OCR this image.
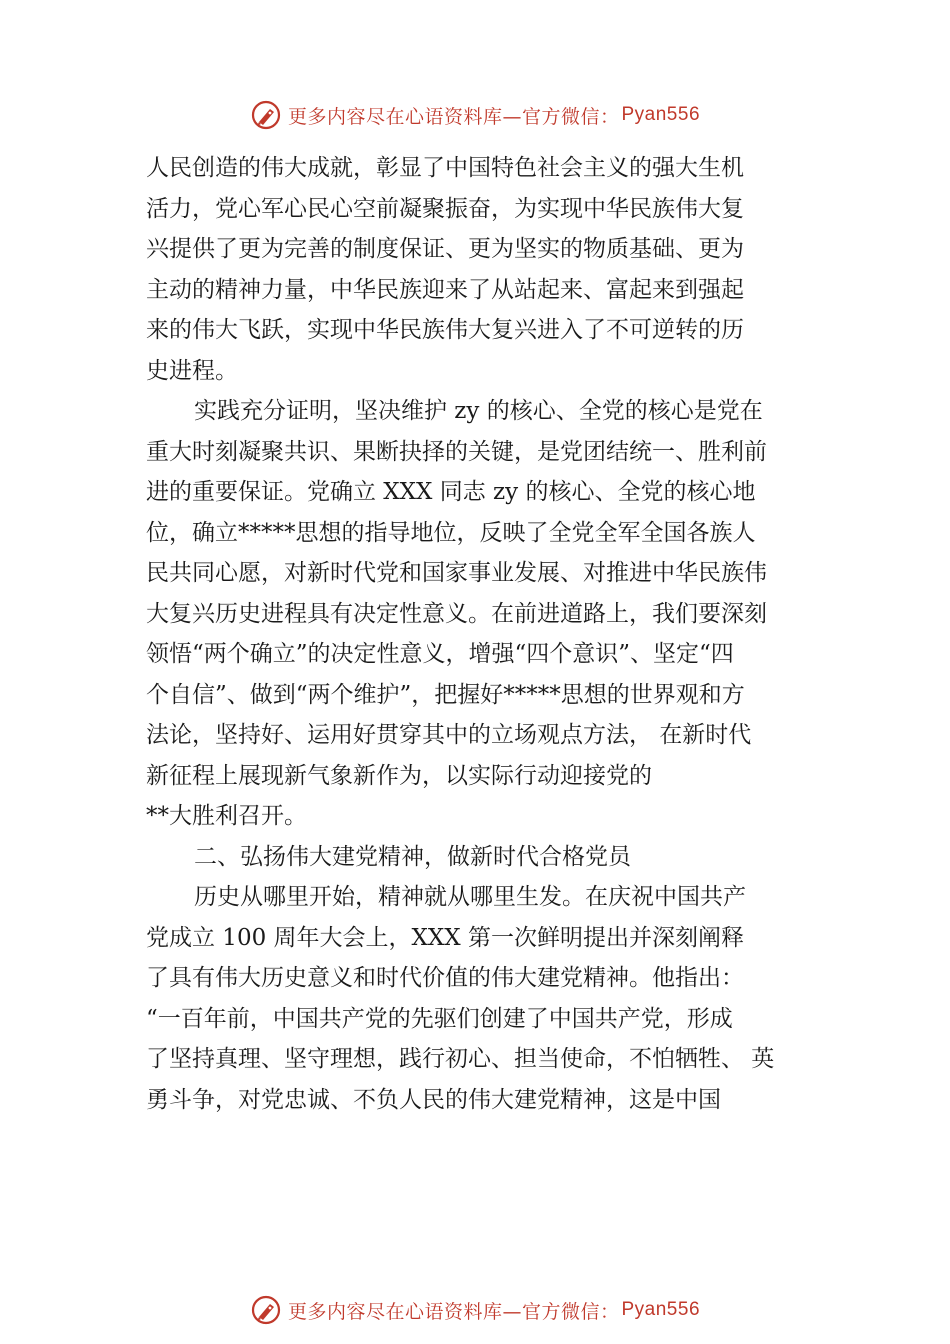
更多内容尽在心语资料库—官方微信： Pyan556
人民创造的伟大成就，彰显了中国特色社会主义的强大生机
活力，党心军心民心空前凝聚振奋，为实现中华民族伟大复
兴提供了更为完善的制度保证、更为坚实的物质基础、更为
主动的精神力量，中华民族迎来了从站起来、富起来到强起
来的伟大飞跃，实现中华民族伟大复兴进入了不可逆转的历
史进程。
实践充分证明，坚决维护 zy 的核心、全党的核心是党在
重大时刻凝聚共识、果断抉择的关键，是党团结统一、胜利前
进的重要保证。党确立 XXX 同志 zy 的核心、全党的核心地
位，确立*****思想的指导地位，反映了全党全军全国各族人
民共同心愿，对新时代党和国家事业发展、对推进中华民族伟
大复兴历史进程具有决定性意义。在前进道路上，我们要深刻
领悟“两个确立”的决定性意义，增强“四个意识”、坚定“四
个自信”、做到“两个维护”，把握好*****思想的世界观和方
法论，坚持好、运用好贯穿其中的立场观点方法， 在新时代
新征程上展现新气象新作为，以实际行动迎接党的
**大胜利召开。
二、弘扬伟大建党精神，做新时代合格党员
历史从哪里开始，精神就从哪里生发。在庆祝中国共产
党成立 100 周年大会上，XXX 第一次鲜明提出并深刻阐释
了具有伟大历史意义和时代价值的伟大建党精神。他指出：
“一百年前，中国共产党的先驱们创建了中国共产党，形成
了坚持真理、坚守理想，践行初心、担当使命，不怕牺牲、 英
勇斗争，对党忠诚、不负人民的伟大建党精神，这是中国
更多内容尽在心语资料库—官方微信： Pyan556
